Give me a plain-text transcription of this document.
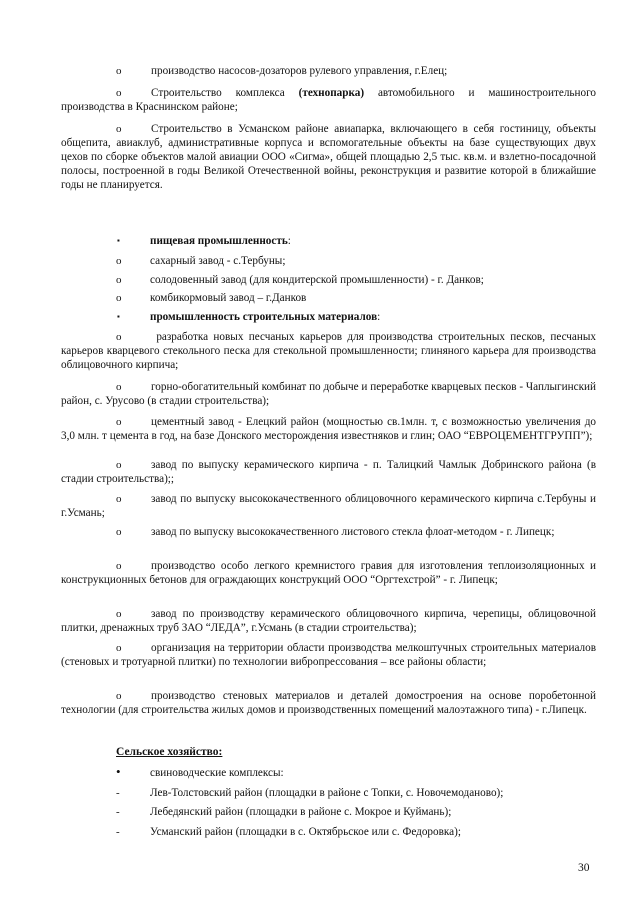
o	производство насосов-дозаторов рулевого управления, г.Елец;
o	Строительство комплекса (технопарка) автомобильного и машиностроительного производства в Краснинском районе;
o	Строительство в Усманском районе авиапарка, включающего в себя гостиницу, объекты общепита, авиаклуб, административные корпуса и вспомогательные объекты на базе существующих двух цехов по сборке объектов малой авиации ООО «Сигма», общей площадью 2,5 тыс. кв.м. и взлетно-посадочной полосы, построенной в годы Великой Отечественной войны, реконструкция и развитие которой в ближайшие годы не планируется.
▪	пищевая промышленность:
o	сахарный завод - с.Тербуны;
o	солодовенный завод (для кондитерской промышленности) - г. Данков;
o	комбикормовый завод – г.Данков
▪	промышленность строительных материалов:
o	разработка новых песчаных карьеров для производства строительных песков, песчаных карьеров кварцевого стекольного песка для стекольной промышленности; глиняного карьера для производства облицовочного кирпича;
o	горно-обогатительный комбинат по добыче и переработке кварцевых песков - Чаплыгинский район, с. Урусово (в стадии строительства);
o	цементный завод - Елецкий район (мощностью св.1млн. т, с возможностью увеличения до 3,0 млн. т цемента в год, на базе Донского месторождения известняков и глин; ОАО “ЕВРОЦЕМЕНТГРУПП”);
o	завод по выпуску керамического кирпича - п. Талицкий Чамлык Добринского района (в стадии строительства);;
o	завод по выпуску высококачественного облицовочного керамического кирпича с.Тербуны и г.Усмань;
o	завод по выпуску высококачественного листового стекла флоат-методом - г. Липецк;
o	производство особо легкого кремнистого гравия для изготовления теплоизоляционных и конструкционных бетонов для ограждающих конструкций ООО “Оргтехстрой” - г. Липецк;
o	завод по производству керамического облицовочного кирпича, черепицы, облицовочной плитки, дренажных труб ЗАО “ЛЕДА”, г.Усмань (в стадии строительства);
o	организация на территории области производства мелкоштучных строительных материалов (стеновых и тротуарной плитки) по технологии вибропрессования – все районы области;
o	производство стеновых материалов и деталей домостроения на основе поробетонной технологии (для строительства жилых домов и производственных помещений малоэтажного типа) - г.Липецк.
Сельское хозяйство:
•	свиноводческие комплексы:
-	Лев-Толстовский район (площадки в районе с Топки, с. Новочемоданово);
-	Лебедянский район (площадки в районе с. Мокрое и Куймань);
-	Усманский район (площадки в с. Октябрьское или с. Федоровка);
30
